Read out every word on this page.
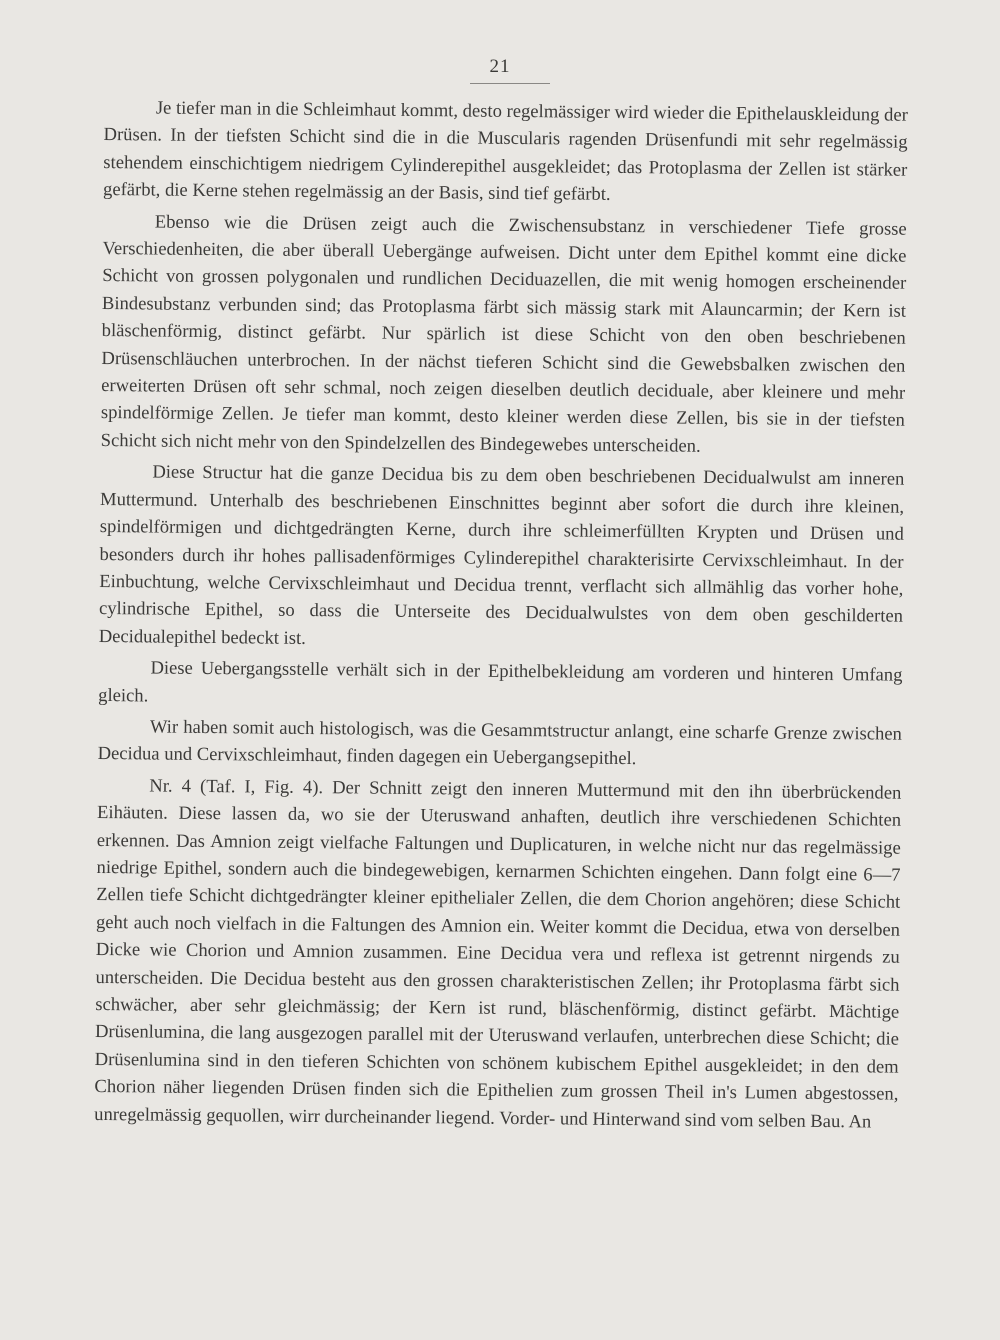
21

Je tiefer man in die Schleimhaut kommt, desto regelmässiger wird wieder die Epithelauskleidung der Drüsen. In der tiefsten Schicht sind die in die Muscularis ragenden Drüsenfundi mit sehr regelmässig stehendem einschichtigem niedrigem Cylinderepithel ausgekleidet; das Protoplasma der Zellen ist stärker gefärbt, die Kerne stehen regelmässig an der Basis, sind tief gefärbt.

Ebenso wie die Drüsen zeigt auch die Zwischensubstanz in verschiedener Tiefe grosse Verschiedenheiten, die aber überall Uebergänge aufweisen. Dicht unter dem Epithel kommt eine dicke Schicht von grossen polygonalen und rundlichen Deciduazellen, die mit wenig homogen erscheinender Bindesubstanz verbunden sind; das Protoplasma färbt sich mässig stark mit Alauncarmin; der Kern ist bläschenförmig, distinct gefärbt. Nur spärlich ist diese Schicht von den oben beschriebenen Drüsenschläuchen unterbrochen. In der nächst tieferen Schicht sind die Gewebsbalken zwischen den erweiterten Drüsen oft sehr schmal, noch zeigen dieselben deutlich deciduale, aber kleinere und mehr spindelförmige Zellen. Je tiefer man kommt, desto kleiner werden diese Zellen, bis sie in der tiefsten Schicht sich nicht mehr von den Spindelzellen des Bindegewebes unterscheiden.

Diese Structur hat die ganze Decidua bis zu dem oben beschriebenen Decidualwulst am inneren Muttermund. Unterhalb des beschriebenen Einschnittes beginnt aber sofort die durch ihre kleinen, spindelförmigen und dichtgedrängten Kerne, durch ihre schleimerfüllten Krypten und Drüsen und besonders durch ihr hohes pallisadenförmiges Cylinderepithel charakterisirte Cervixschleimhaut. In der Einbuchtung, welche Cervixschleimhaut und Decidua trennt, verflacht sich allmählig das vorher hohe, cylindrische Epithel, so dass die Unterseite des Decidualwulstes von dem oben geschilderten Decidualepithel bedeckt ist.

Diese Uebergangsstelle verhält sich in der Epithelbekleidung am vorderen und hinteren Umfang gleich.

Wir haben somit auch histologisch, was die Gesammtstructur anlangt, eine scharfe Grenze zwischen Decidua und Cervixschleimhaut, finden dagegen ein Uebergangsepithel.

Nr. 4 (Taf. I, Fig. 4). Der Schnitt zeigt den inneren Muttermund mit den ihn überbrückenden Eihäuten. Diese lassen da, wo sie der Uteruswand anhaften, deutlich ihre verschiedenen Schichten erkennen. Das Amnion zeigt vielfache Faltungen und Duplicaturen, in welche nicht nur das regelmässige niedrige Epithel, sondern auch die bindegewebigen, kernarmen Schichten eingehen. Dann folgt eine 6—7 Zellen tiefe Schicht dichtgedrängter kleiner epithelialer Zellen, die dem Chorion angehören; diese Schicht geht auch noch vielfach in die Faltungen des Amnion ein. Weiter kommt die Decidua, etwa von derselben Dicke wie Chorion und Amnion zusammen. Eine Decidua vera und reflexa ist getrennt nirgends zu unterscheiden. Die Decidua besteht aus den grossen charakteristischen Zellen; ihr Protoplasma färbt sich schwächer, aber sehr gleichmässig; der Kern ist rund, bläschenförmig, distinct gefärbt. Mächtige Drüsenlumina, die lang ausgezogen parallel mit der Uteruswand verlaufen, unterbrechen diese Schicht; die Drüsenlumina sind in den tieferen Schichten von schönem kubischem Epithel ausgekleidet; in den dem Chorion näher liegenden Drüsen finden sich die Epithelien zum grossen Theil in's Lumen abgestossen, unregelmässig gequollen, wirr durcheinander liegend. Vorder- und Hinterwand sind vom selben Bau. An
